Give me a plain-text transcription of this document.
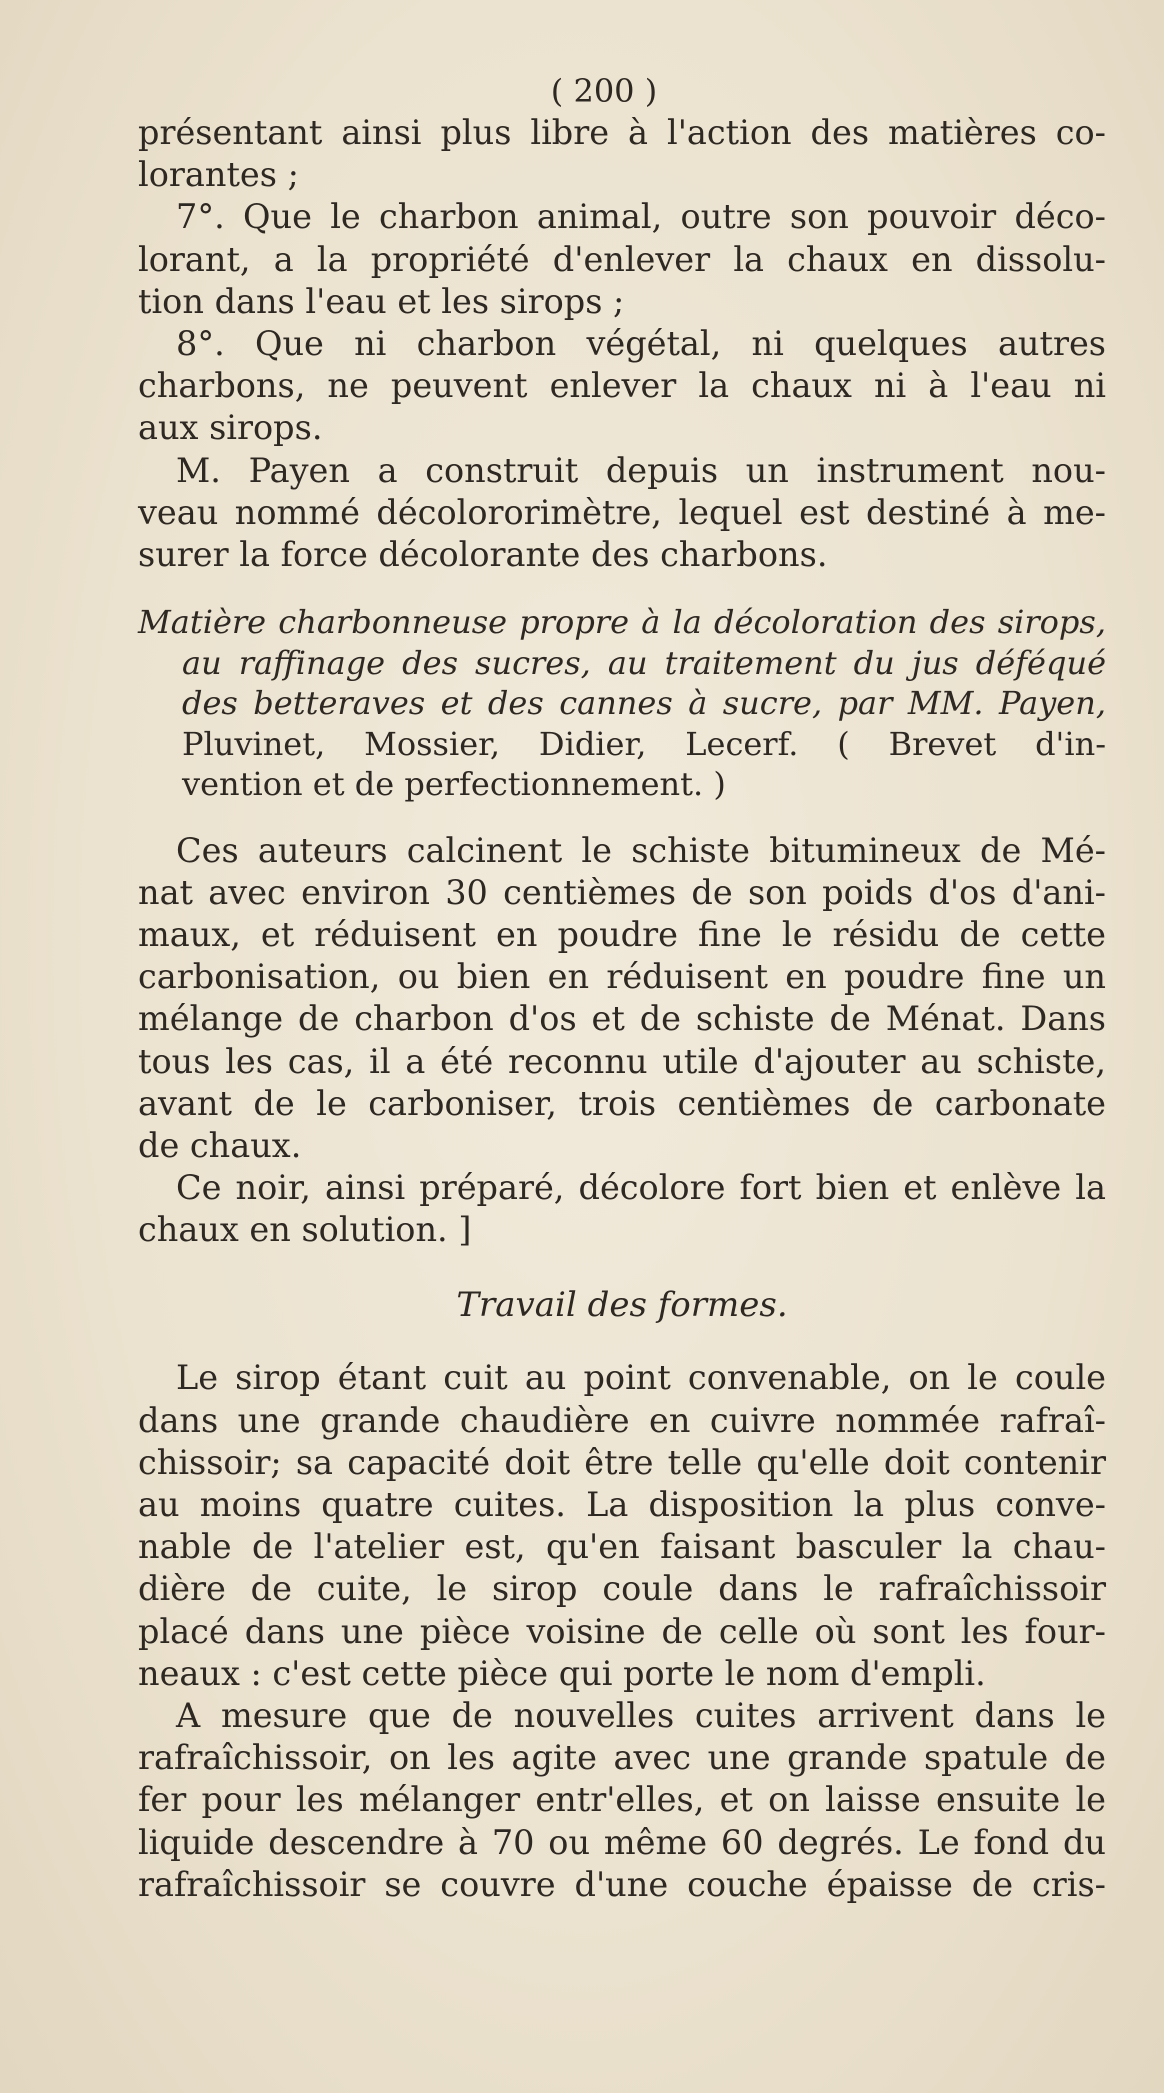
( 200 )
présentant ainsi plus libre à l'action des matières co-
lorantes ;
7°. Que le charbon animal, outre son pouvoir déco-
lorant, a la propriété d'enlever la chaux en dissolu-
tion dans l'eau et les sirops ;
8°. Que ni charbon végétal, ni quelques autres
charbons, ne peuvent enlever la chaux ni à l'eau ni
aux sirops.
M. Payen a construit depuis un instrument nou-
veau nommé décolororimètre, lequel est destiné à me-
surer la force décolorante des charbons.
Matière charbonneuse propre à la décoloration des sirops,
au raffinage des sucres, au traitement du jus déféqué
des betteraves et des cannes à sucre, par MM. Payen,
Pluvinet, Mossier, Didier, Lecerf. ( Brevet d'in-
vention et de perfectionnement. )
Ces auteurs calcinent le schiste bitumineux de Mé-
nat avec environ 30 centièmes de son poids d'os d'ani-
maux, et réduisent en poudre fine le résidu de cette
carbonisation, ou bien en réduisent en poudre fine un
mélange de charbon d'os et de schiste de Ménat. Dans
tous les cas, il a été reconnu utile d'ajouter au schiste,
avant de le carboniser, trois centièmes de carbonate
de chaux.
Ce noir, ainsi préparé, décolore fort bien et enlève la
chaux en solution. ]
Travail des formes.
Le sirop étant cuit au point convenable, on le coule
dans une grande chaudière en cuivre nommée rafraî-
chissoir; sa capacité doit être telle qu'elle doit contenir
au moins quatre cuites. La disposition la plus conve-
nable de l'atelier est, qu'en faisant basculer la chau-
dière de cuite, le sirop coule dans le rafraîchissoir
placé dans une pièce voisine de celle où sont les four-
neaux : c'est cette pièce qui porte le nom d'empli.
A mesure que de nouvelles cuites arrivent dans le
rafraîchissoir, on les agite avec une grande spatule de
fer pour les mélanger entr'elles, et on laisse ensuite le
liquide descendre à 70 ou même 60 degrés. Le fond du
rafraîchissoir se couvre d'une couche épaisse de cris-
